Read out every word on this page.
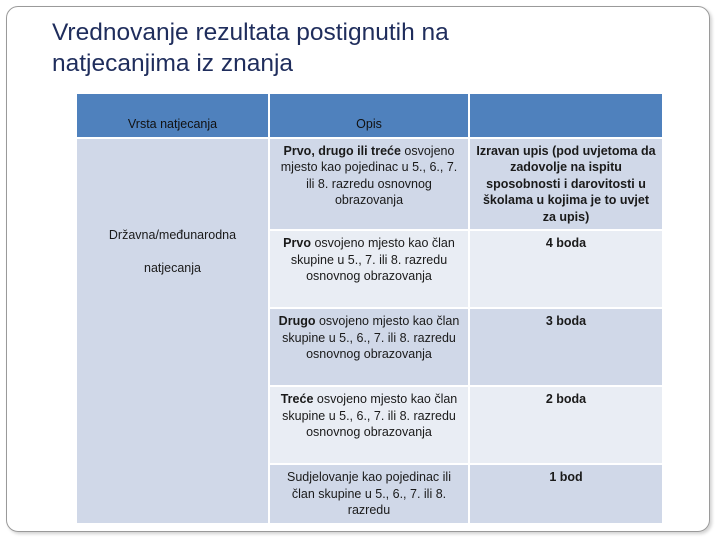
Vrednovanje rezultata postignutih na
natjecanjima iz znanja
Vrsta natjecanja	Opis	

Državna/međunarodna
natjecanja	Prvo, drugo ili treće osvojeno mjesto kao pojedinac u 5., 6., 7. ili 8. razredu osnovnog obrazovanja	Izravan upis (pod uvjetoma da zadovolje na ispitu sposobnosti i darovitosti u školama u kojima je to uvjet za upis)
	Prvo osvojeno mjesto kao član skupine u 5., 7. ili 8. razredu osnovnog obrazovanja	4 boda
	Drugo osvojeno mjesto kao član skupine u 5., 6., 7. ili 8. razredu osnovnog obrazovanja	3 boda
	Treće osvojeno mjesto kao član skupine u 5., 6., 7. ili 8. razredu osnovnog obrazovanja	2 boda
	Sudjelovanje kao pojedinac ili član skupine u 5., 6., 7. ili 8. razredu	1 bod
